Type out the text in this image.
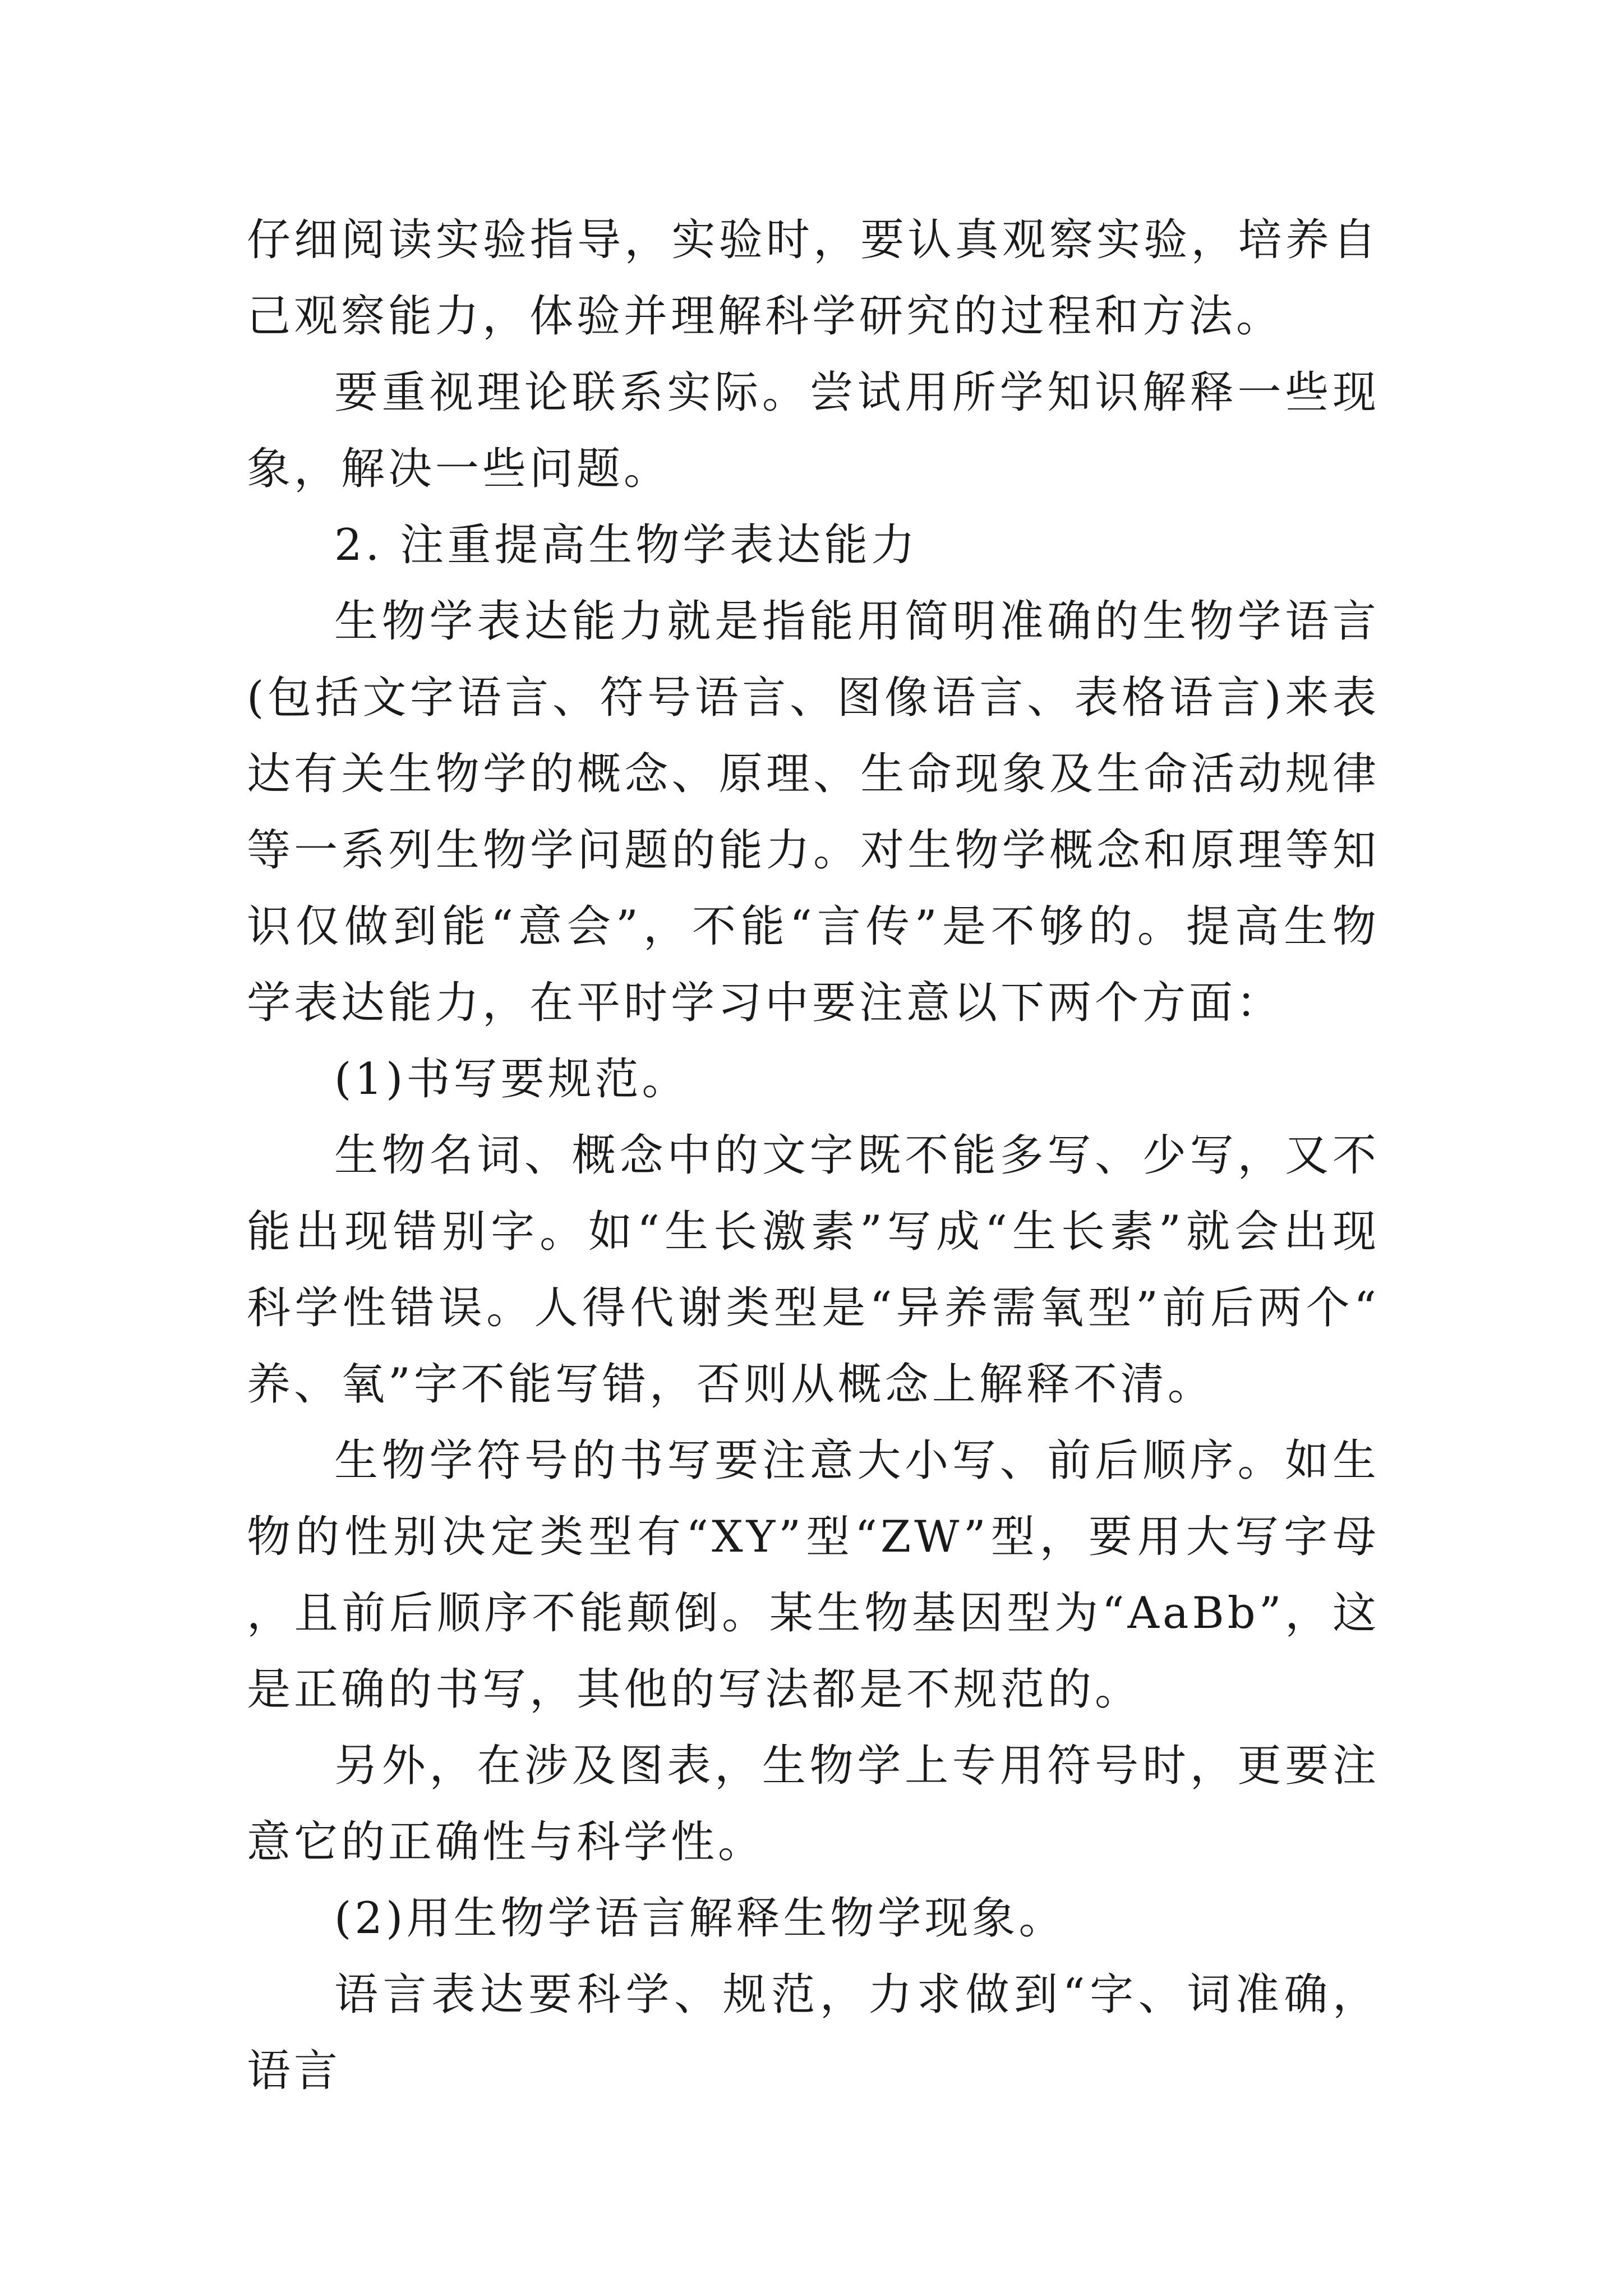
仔细阅读实验指导，实验时，要认真观察实验，培养自己观察能力，体验并理解科学研究的过程和方法。

要重视理论联系实际。尝试用所学知识解释一些现象，解决一些问题。

2. 注重提高生物学表达能力

生物学表达能力就是指能用简明准确的生物学语言(包括文字语言、符号语言、图像语言、表格语言)来表达有关生物学的概念、原理、生命现象及生命活动规律等一系列生物学问题的能力。对生物学概念和原理等知识仅做到能“意会”，不能“言传”是不够的。提高生物学表达能力，在平时学习中要注意以下两个方面：

(1)书写要规范。

生物名词、概念中的文字既不能多写、少写，又不能出现错别字。如“生长激素”写成“生长素”就会出现科学性错误。人得代谢类型是“异养需氧型”前后两个“养、氧”字不能写错，否则从概念上解释不清。

生物学符号的书写要注意大小写、前后顺序。如生物的性别决定类型有“XY”型“ZW”型，要用大写字母，且前后顺序不能颠倒。某生物基因型为“AaBb”，这是正确的书写，其他的写法都是不规范的。

另外，在涉及图表，生物学上专用符号时，更要注意它的正确性与科学性。

(2)用生物学语言解释生物学现象。

语言表达要科学、规范，力求做到“字、词准确，语言
